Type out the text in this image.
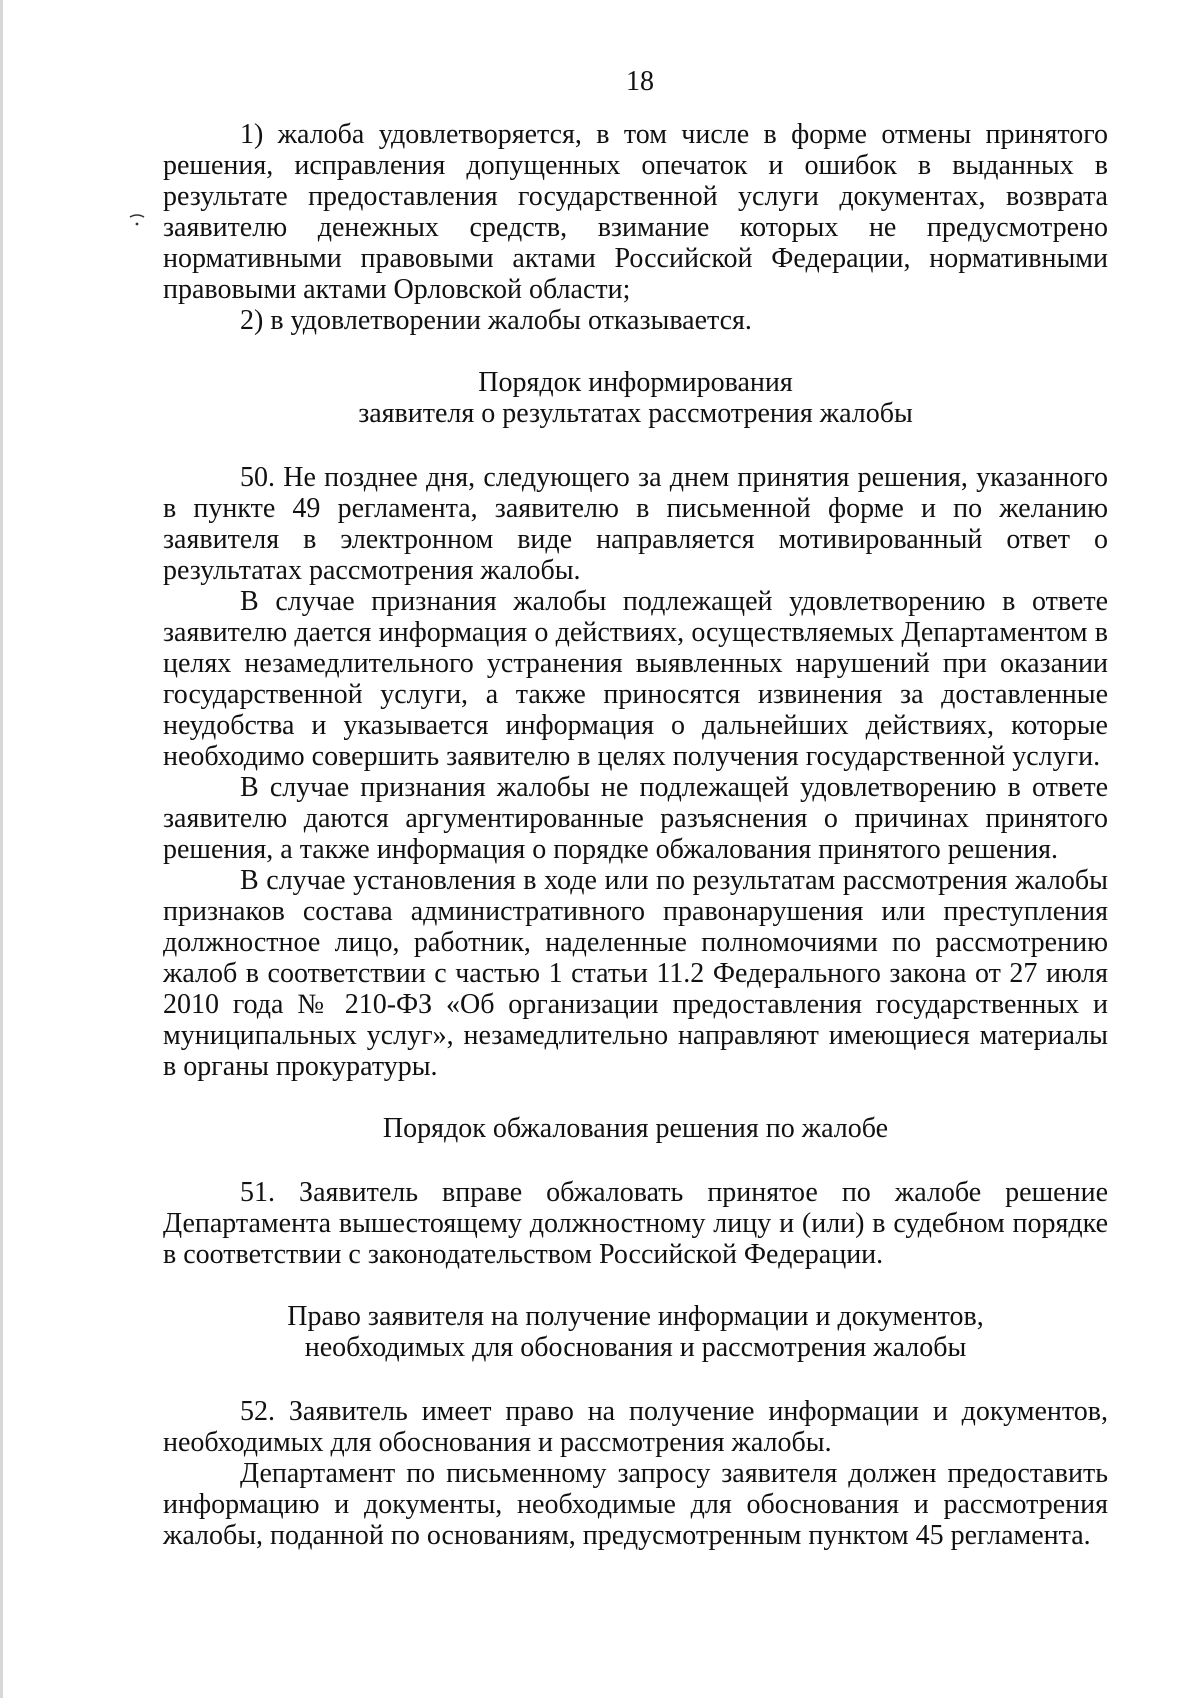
18

1) жалоба удовлетворяется, в том числе в форме отмены принятого решения, исправления допущенных опечаток и ошибок в выданных в результате предоставления государственной услуги документах, возврата заявителю денежных средств, взимание которых не предусмотрено нормативными правовыми актами Российской Федерации, нормативными правовыми актами Орловской области;

2) в удовлетворении жалобы отказывается.

Порядок информирования
заявителя о результатах рассмотрения жалобы

50. Не позднее дня, следующего за днем принятия решения, указанного в пункте 49 регламента, заявителю в письменной форме и по желанию заявителя в электронном виде направляется мотивированный ответ о результатах рассмотрения жалобы.

В случае признания жалобы подлежащей удовлетворению в ответе заявителю дается информация о действиях, осуществляемых Департаментом в целях незамедлительного устранения выявленных нарушений при оказании государственной услуги, а также приносятся извинения за доставленные неудобства и указывается информация о дальнейших действиях, которые необходимо совершить заявителю в целях получения государственной услуги.

В случае признания жалобы не подлежащей удовлетворению в ответе заявителю даются аргументированные разъяснения о причинах принятого решения, а также информация о порядке обжалования принятого решения.

В случае установления в ходе или по результатам рассмотрения жалобы признаков состава административного правонарушения или преступления должностное лицо, работник, наделенные полномочиями по рассмотрению жалоб в соответствии с частью 1 статьи 11.2 Федерального закона от 27 июля 2010 года № 210-ФЗ «Об организации предоставления государственных и муниципальных услуг», незамедлительно направляют имеющиеся материалы в органы прокуратуры.

Порядок обжалования решения по жалобе

51. Заявитель вправе обжаловать принятое по жалобе решение Департамента вышестоящему должностному лицу и (или) в судебном порядке в соответствии с законодательством Российской Федерации.

Право заявителя на получение информации и документов,
необходимых для обоснования и рассмотрения жалобы

52. Заявитель имеет право на получение информации и документов, необходимых для обоснования и рассмотрения жалобы.

Департамент по письменному запросу заявителя должен предоставить информацию и документы, необходимые для обоснования и рассмотрения жалобы, поданной по основаниям, предусмотренным пунктом 45 регламента.
